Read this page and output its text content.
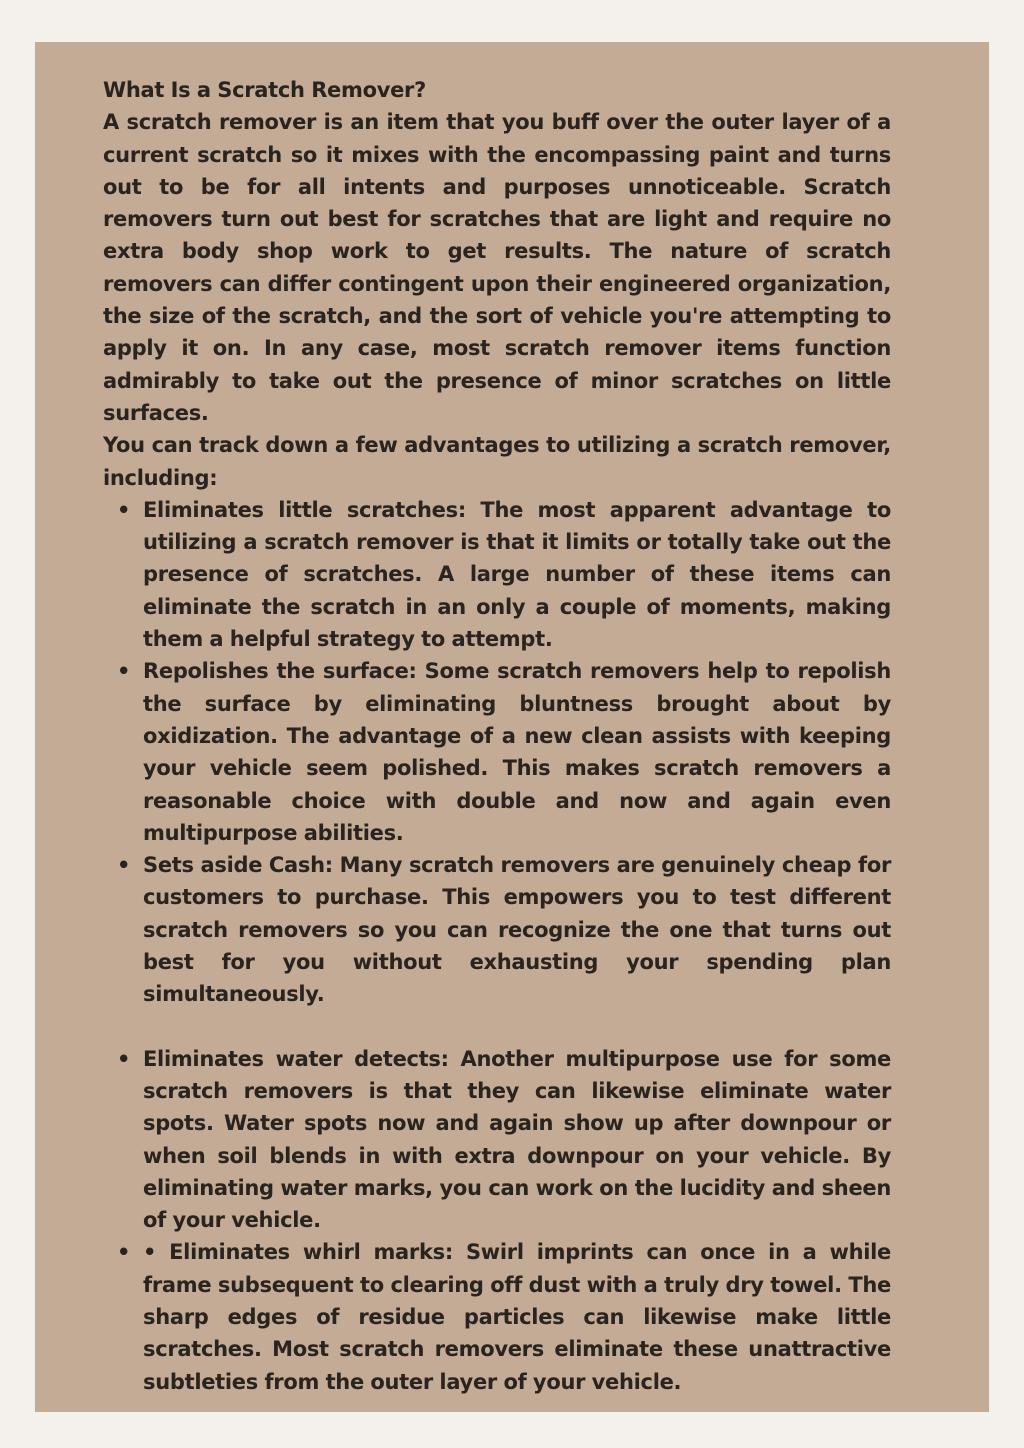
What Is a Scratch Remover?

A scratch remover is an item that you buff over the outer layer of a current scratch so it mixes with the encompassing paint and turns out to be for all intents and purposes unnoticeable. Scratch removers turn out best for scratches that are light and require no extra body shop work to get results. The nature of scratch removers can differ contingent upon their engineered organization, the size of the scratch, and the sort of vehicle you're attempting to apply it on. In any case, most scratch remover items function admirably to take out the presence of minor scratches on little surfaces.

You can track down a few advantages to utilizing a scratch remover, including:

• Eliminates little scratches: The most apparent advantage to utilizing a scratch remover is that it limits or totally take out the presence of scratches. A large number of these items can eliminate the scratch in an only a couple of moments, making them a helpful strategy to attempt.
• Repolishes the surface: Some scratch removers help to repolish the surface by eliminating bluntness brought about by oxidization. The advantage of a new clean assists with keeping your vehicle seem polished. This makes scratch removers a reasonable choice with double and now and again even multipurpose abilities.
• Sets aside Cash: Many scratch removers are genuinely cheap for customers to purchase. This empowers you to test different scratch removers so you can recognize the one that turns out best for you without exhausting your spending plan simultaneously.
• Eliminates water detects: Another multipurpose use for some scratch removers is that they can likewise eliminate water spots. Water spots now and again show up after downpour or when soil blends in with extra downpour on your vehicle. By eliminating water marks, you can work on the lucidity and sheen of your vehicle.
• • Eliminates whirl marks: Swirl imprints can once in a while frame subsequent to clearing off dust with a truly dry towel. The sharp edges of residue particles can likewise make little scratches. Most scratch removers eliminate these unattractive subtleties from the outer layer of your vehicle.
